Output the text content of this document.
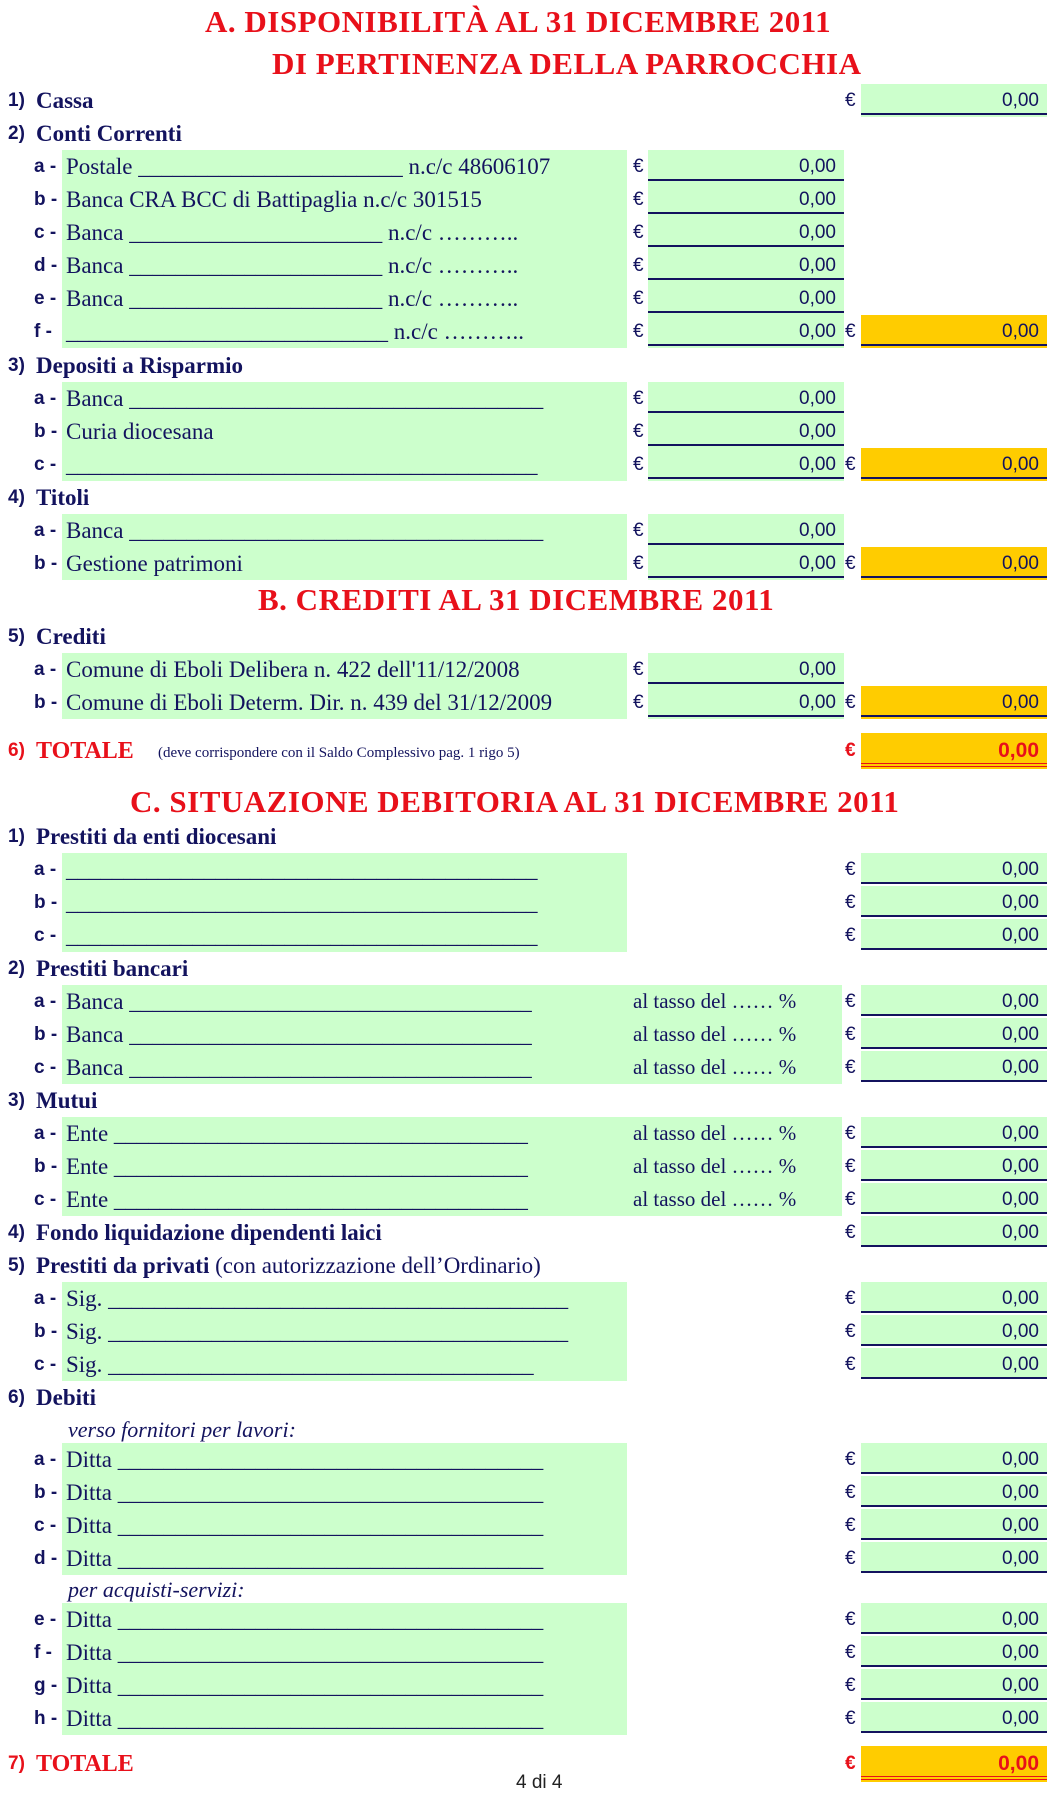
A. DISPONIBILITÀ AL 31 DICEMBRE 2011
DI PERTINENZA DELLA PARROCCHIA
1) Cassa	€	0,00
2) Conti Correnti
a - Postale _______________________ n.c/c 48606107	€	0,00
b - Banca CRA BCC di Battipaglia n.c/c 301515	€	0,00
c - Banca ______________________ n.c/c ………..	€	0,00
d - Banca ______________________ n.c/c ………..	€	0,00
e - Banca ______________________ n.c/c ………..	€	0,00
f - ____________________________ n.c/c ………..	€	0,00 €	0,00
3) Depositi a Risparmio
a - Banca ____________________________________	€	0,00
b - Curia diocesana	€	0,00
c - _________________________________________	€	0,00 €	0,00
4) Titoli
a - Banca ____________________________________	€	0,00
b - Gestione patrimoni	€	0,00 €	0,00
B. CREDITI AL 31 DICEMBRE 2011
5) Crediti
a - Comune di Eboli Delibera n. 422 dell'11/12/2008	€	0,00
b - Comune di Eboli Determ. Dir. n. 439 del 31/12/2009	€	0,00 €	0,00
6) TOTALE (deve corrispondere con il Saldo Complessivo pag. 1 rigo 5)	€	0,00
C. SITUAZIONE DEBITORIA AL 31 DICEMBRE 2011
1) Prestiti da enti diocesani
a - _________________________________________	€	0,00
b - _________________________________________	€	0,00
c - _________________________________________	€	0,00
2) Prestiti bancari
a - Banca ___________________________________	al tasso del …… %	€	0,00
b - Banca ___________________________________	al tasso del …… %	€	0,00
c - Banca ___________________________________	al tasso del …… %	€	0,00
3) Mutui
a - Ente ____________________________________	al tasso del …… %	€	0,00
b - Ente ____________________________________	al tasso del …… %	€	0,00
c - Ente ____________________________________	al tasso del …… %	€	0,00
4) Fondo liquidazione dipendenti laici	€	0,00
5) Prestiti da privati (con autorizzazione dell’Ordinario)
a - Sig. ________________________________________	€	0,00
b - Sig. ________________________________________	€	0,00
c - Sig. _____________________________________	€	0,00
6) Debiti
verso fornitori per lavori:
a - Ditta _____________________________________	€	0,00
b - Ditta _____________________________________	€	0,00
c - Ditta _____________________________________	€	0,00
d - Ditta _____________________________________	€	0,00
per acquisti-servizi:
e - Ditta _____________________________________	€	0,00
f - Ditta _____________________________________	€	0,00
g - Ditta _____________________________________	€	0,00
h - Ditta _____________________________________	€	0,00
7) TOTALE	€	0,00
4 di 4
